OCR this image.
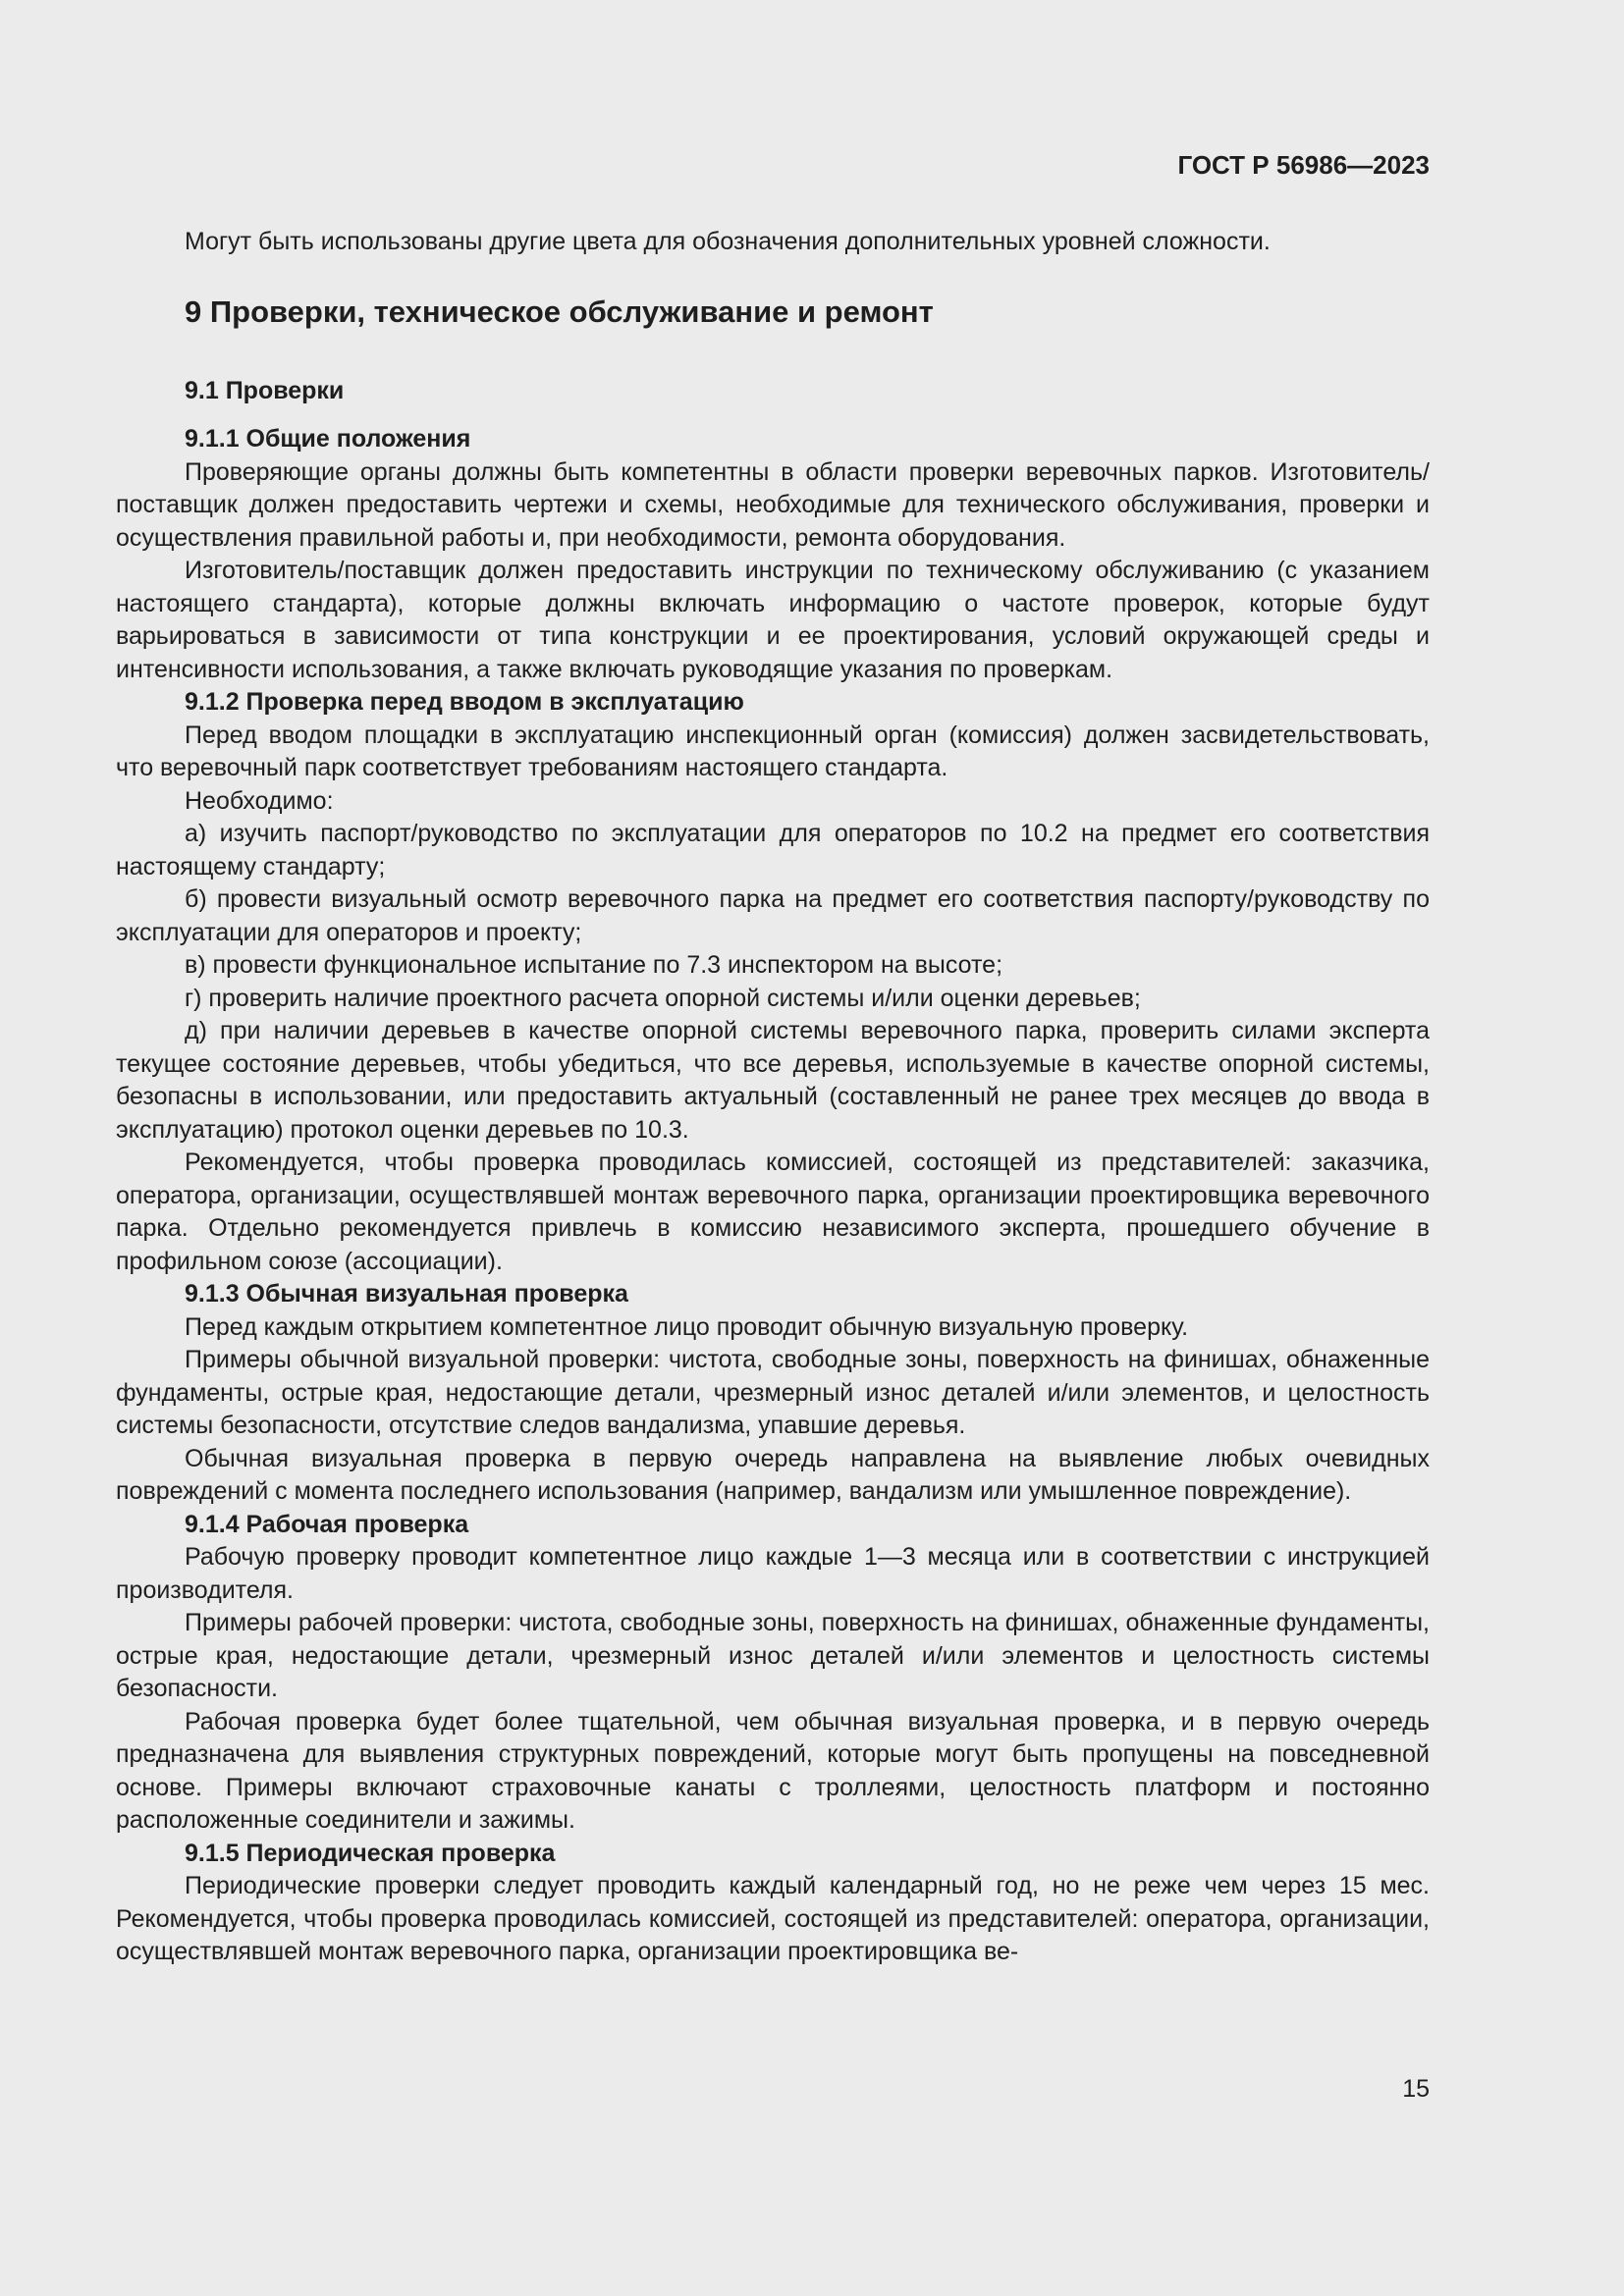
ГОСТ Р 56986—2023

Могут быть использованы другие цвета для обозначения дополнительных уровней сложности.

9 Проверки, техническое обслуживание и ремонт
9.1 Проверки
9.1.1 Общие положения

Проверяющие органы должны быть компетентны в области проверки веревочных парков. Изготовитель/поставщик должен предоставить чертежи и схемы, необходимые для технического обслуживания, проверки и осуществления правильной работы и, при необходимости, ремонта оборудования.

Изготовитель/поставщик должен предоставить инструкции по техническому обслуживанию (с указанием настоящего стандарта), которые должны включать информацию о частоте проверок, которые будут варьироваться в зависимости от типа конструкции и ее проектирования, условий окружающей среды и интенсивности использования, а также включать руководящие указания по проверкам.

9.1.2 Проверка перед вводом в эксплуатацию

Перед вводом площадки в эксплуатацию инспекционный орган (комиссия) должен засвидетельствовать, что веревочный парк соответствует требованиям настоящего стандарта.

Необходимо:

а) изучить паспорт/руководство по эксплуатации для операторов по 10.2 на предмет его соответствия настоящему стандарту;

б) провести визуальный осмотр веревочного парка на предмет его соответствия паспорту/руководству по эксплуатации для операторов и проекту;

в) провести функциональное испытание по 7.3 инспектором на высоте;

г) проверить наличие проектного расчета опорной системы и/или оценки деревьев;

д) при наличии деревьев в качестве опорной системы веревочного парка, проверить силами эксперта текущее состояние деревьев, чтобы убедиться, что все деревья, используемые в качестве опорной системы, безопасны в использовании, или предоставить актуальный (составленный не ранее трех месяцев до ввода в эксплуатацию) протокол оценки деревьев по 10.3.

Рекомендуется, чтобы проверка проводилась комиссией, состоящей из представителей: заказчика, оператора, организации, осуществлявшей монтаж веревочного парка, организации проектировщика веревочного парка. Отдельно рекомендуется привлечь в комиссию независимого эксперта, прошедшего обучение в профильном союзе (ассоциации).

9.1.3 Обычная визуальная проверка

Перед каждым открытием компетентное лицо проводит обычную визуальную проверку.

Примеры обычной визуальной проверки: чистота, свободные зоны, поверхность на финишах, обнаженные фундаменты, острые края, недостающие детали, чрезмерный износ деталей и/или элементов, и целостность системы безопасности, отсутствие следов вандализма, упавшие деревья.

Обычная визуальная проверка в первую очередь направлена на выявление любых очевидных повреждений с момента последнего использования (например, вандализм или умышленное повреждение).

9.1.4 Рабочая проверка

Рабочую проверку проводит компетентное лицо каждые 1—3 месяца или в соответствии с инструкцией производителя.

Примеры рабочей проверки: чистота, свободные зоны, поверхность на финишах, обнаженные фундаменты, острые края, недостающие детали, чрезмерный износ деталей и/или элементов и целостность системы безопасности.

Рабочая проверка будет более тщательной, чем обычная визуальная проверка, и в первую очередь предназначена для выявления структурных повреждений, которые могут быть пропущены на повседневной основе. Примеры включают страховочные канаты с троллеями, целостность платформ и постоянно расположенные соединители и зажимы.

9.1.5 Периодическая проверка

Периодические проверки следует проводить каждый календарный год, но не реже чем через 15 мес. Рекомендуется, чтобы проверка проводилась комиссией, состоящей из представителей: оператора, организации, осуществлявшей монтаж веревочного парка, организации проектировщика ве-

15
